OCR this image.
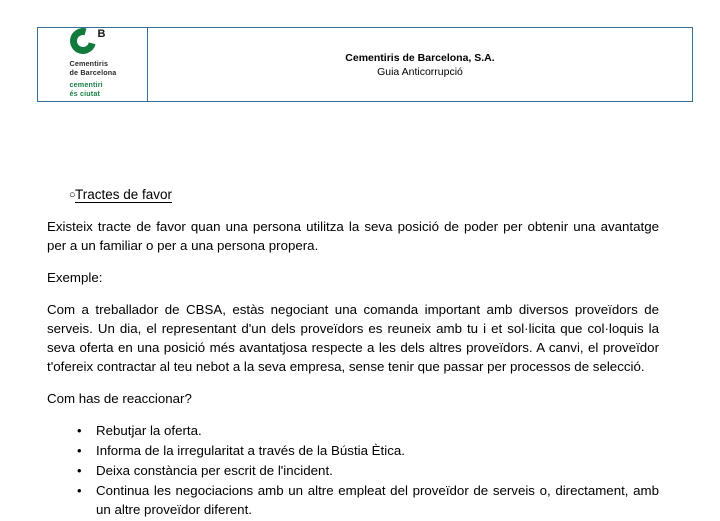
B
Cementiris
de Barcelona
cementiri
és ciutat

Cementiris de Barcelona, S.A.
Guia Anticorrupció
○ Tractes de favor

Existeix tracte de favor quan una persona utilitza la seva posició de poder per obtenir una avantatge per a un familiar o per a una persona propera.

Exemple:

Com a treballador de CBSA, estàs negociant una comanda important amb diversos proveïdors de serveis. Un dia, el representant d'un dels proveïdors es reuneix amb tu i et sol·licita que col·loquis la seva oferta en una posició més avantatjosa respecte a les dels altres proveïdors. A canvi, el proveïdor t'ofereix contractar al teu nebot a la seva empresa, sense tenir que passar per processos de selecció.

Com has de reaccionar?

• Rebutjar la oferta.
• Informa de la irregularitat a través de la Bústia Ètica.
• Deixa constància per escrit de l'incident.
• Continua les negociacions amb un altre empleat del proveïdor de serveis o, directament, amb un altre proveïdor diferent.
